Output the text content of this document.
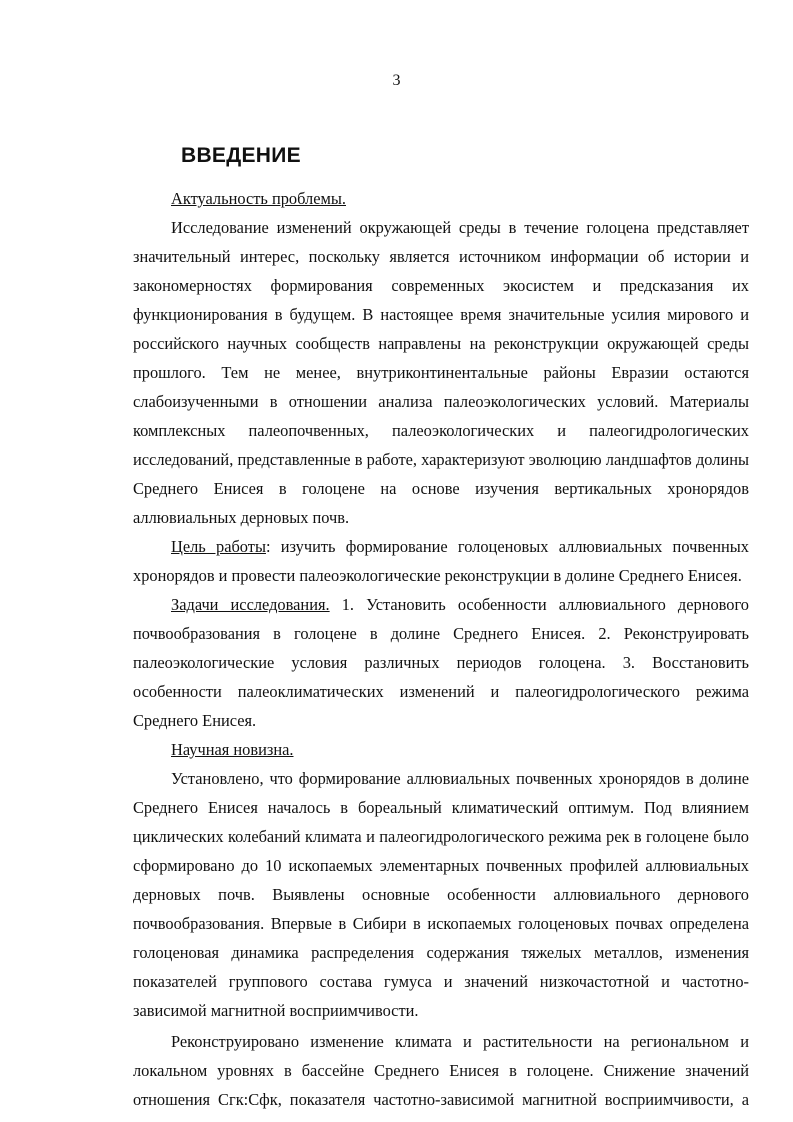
3
ВВЕДЕНИЕ
Актуальность проблемы.
Исследование изменений окружающей среды в течение голоцена представляет
значительный интерес, поскольку является источником информации об истории и
закономерностях формирования современных экосистем и предсказания их
функционирования в будущем. В настоящее время значительные усилия мирового и
российского научных сообществ направлены на реконструкции окружающей среды
прошлого. Тем не менее, внутриконтинентальные районы Евразии остаются
слабоизученными в отношении анализа палеоэкологических условий. Материалы
комплексных палеопочвенных, палеоэкологических и палеогидрологических
исследований, представленные в работе, характеризуют эволюцию ландшафтов долины
Среднего Енисея в голоцене на основе изучения вертикальных хронорядов
аллювиальных дерновых почв.
Цель работы: изучить формирование голоценовых аллювиальных почвенных
хронорядов и провести палеоэкологические реконструкции в долине Среднего Енисея.
Задачи исследования. 1. Установить особенности аллювиального дернового
почвообразования в голоцене в долине Среднего Енисея. 2. Реконструировать
палеоэкологические условия различных периодов голоцена. 3. Восстановить
особенности палеоклиматических изменений и палеогидрологического режима
Среднего Енисея.
Научная новизна.
Установлено, что формирование аллювиальных почвенных хронорядов в долине
Среднего Енисея началось в бореальный климатический оптимум. Под влиянием
циклических колебаний климата и палеогидрологического режима рек в голоцене было
сформировано до 10 ископаемых элементарных почвенных профилей аллювиальных
дерновых почв. Выявлены основные особенности аллювиального дернового
почвообразования. Впервые в Сибири в ископаемых голоценовых почвах определена
голоценовая динамика распределения содержания тяжелых металлов, изменения
показателей группового состава гумуса и значений низкочастотной и частотно-
зависимой магнитной восприимчивости.
Реконструировано изменение климата и растительности на региональном и
локальном уровнях в бассейне Среднего Енисея в голоцене. Снижение значений
отношения Сгк:Сфк, показателя частотно-зависимой магнитной восприимчивости, а
